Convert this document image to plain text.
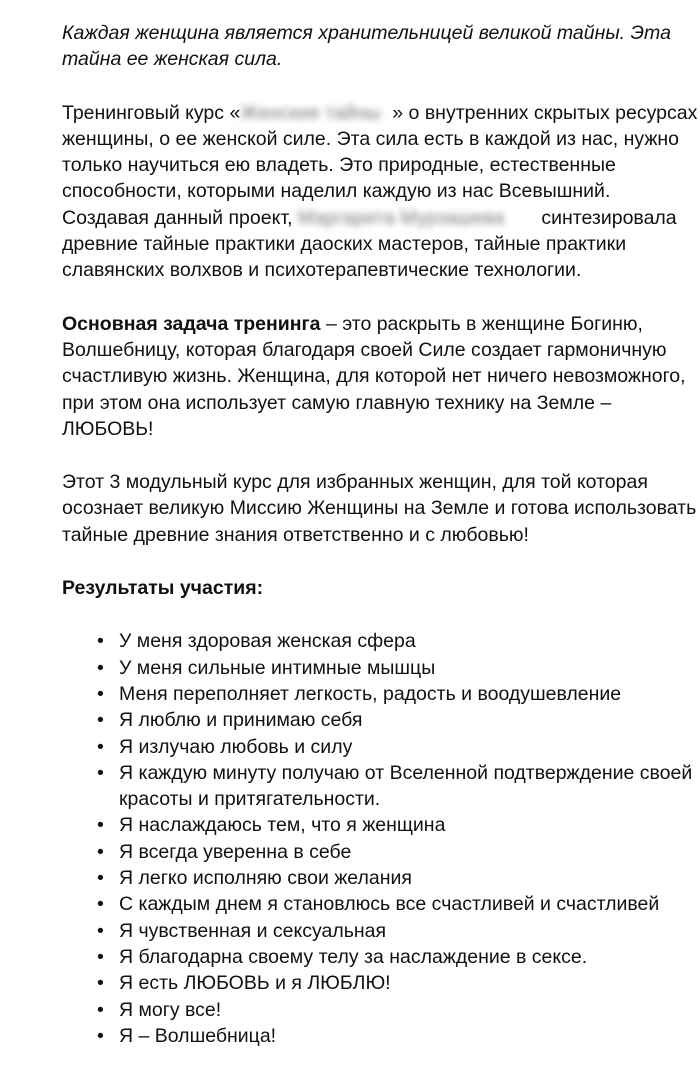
Каждая женщина является хранительницей великой тайны. Эта тайна ее женская сила.

Тренинговый курс «Женские тайны » о внутренних скрытых ресурсах женщины, о ее женской силе. Эта сила есть в каждой из нас, нужно только научиться ею владеть. Это природные, естественные способности, которыми наделил каждую из нас Всевышний. Создавая данный проект, Маргарита Мурзашева синтезировала древние тайные практики даоских мастеров, тайные практики славянских волхвов и психотерапевтические технологии.

Основная задача тренинга – это раскрыть в женщине Богиню, Волшебницу, которая благодаря своей Силе создает гармоничную счастливую жизнь. Женщина, для которой нет ничего невозможного, при этом она использует самую главную технику на Земле – ЛЮБОВЬ!

Этот 3 модульный курс для избранных женщин, для той которая осознает великую Миссию Женщины на Земле и готова использовать тайные древние знания ответственно и с любовью!

Результаты участия:

• У меня здоровая женская сфера
• У меня сильные интимные мышцы
• Меня переполняет легкость, радость и воодушевление
• Я люблю и принимаю себя
• Я излучаю любовь и силу
• Я каждую минуту получаю от Вселенной подтверждение своей красоты и притягательности.
• Я наслаждаюсь тем, что я женщина
• Я всегда уверенна в себе
• Я легко исполняю свои желания
• С каждым днем я становлюсь все счастливей и счастливей
• Я чувственная и сексуальная
• Я благодарна своему телу за наслаждение в сексе.
• Я есть ЛЮБОВЬ и я ЛЮБЛЮ!
• Я могу все!
• Я – Волшебница!
